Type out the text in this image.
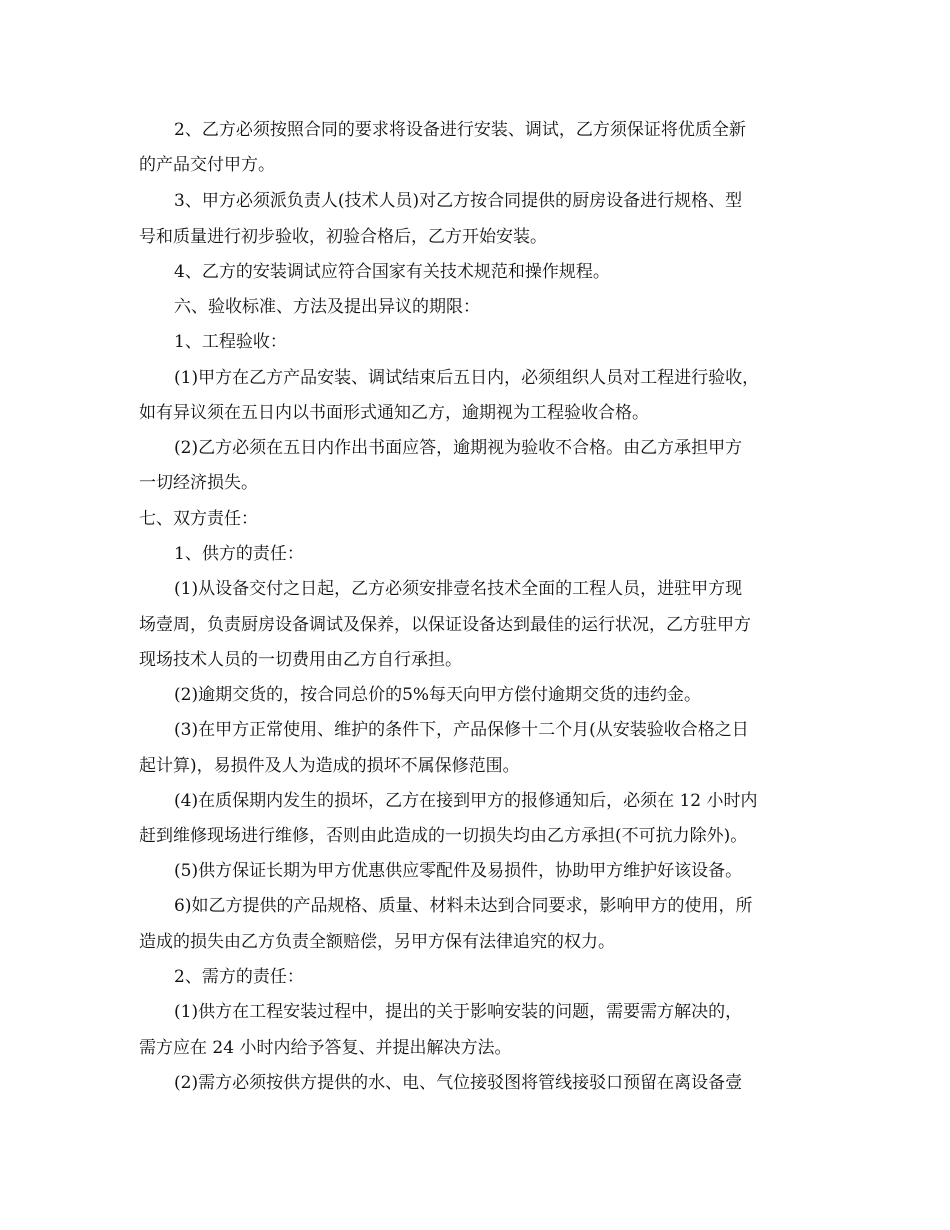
2、乙方必须按照合同的要求将设备进行安装、调试，乙方须保证将优质全新
的产品交付甲方。
3、甲方必须派负责人(技术人员)对乙方按合同提供的厨房设备进行规格、型
号和质量进行初步验收，初验合格后，乙方开始安装。
4、乙方的安装调试应符合国家有关技术规范和操作规程。
六、验收标准、方法及提出异议的期限：
1、工程验收：
(1)甲方在乙方产品安装、调试结束后五日内，必须组织人员对工程进行验收，
如有异议须在五日内以书面形式通知乙方，逾期视为工程验收合格。
(2)乙方必须在五日内作出书面应答，逾期视为验收不合格。由乙方承担甲方
一切经济损失。
七、双方责任：
1、供方的责任：
(1)从设备交付之日起，乙方必须安排壹名技术全面的工程人员，进驻甲方现
场壹周，负责厨房设备调试及保养，以保证设备达到最佳的运行状况，乙方驻甲方
现场技术人员的一切费用由乙方自行承担。
(2)逾期交货的，按合同总价的5%每天向甲方偿付逾期交货的违约金。
(3)在甲方正常使用、维护的条件下，产品保修十二个月(从安装验收合格之日
起计算)，易损件及人为造成的损坏不属保修范围。
(4)在质保期内发生的损坏，乙方在接到甲方的报修通知后，必须在 12 小时内
赶到维修现场进行维修，否则由此造成的一切损失均由乙方承担(不可抗力除外)。
(5)供方保证长期为甲方优惠供应零配件及易损件，协助甲方维护好该设备。
6)如乙方提供的产品规格、质量、材料未达到合同要求，影响甲方的使用，所
造成的损失由乙方负责全额赔偿，另甲方保有法律追究的权力。
2、需方的责任：
(1)供方在工程安装过程中，提出的关于影响安装的问题，需要需方解决的，
需方应在 24 小时内给予答复、并提出解决方法。
(2)需方必须按供方提供的水、电、气位接驳图将管线接驳口预留在离设备壹
